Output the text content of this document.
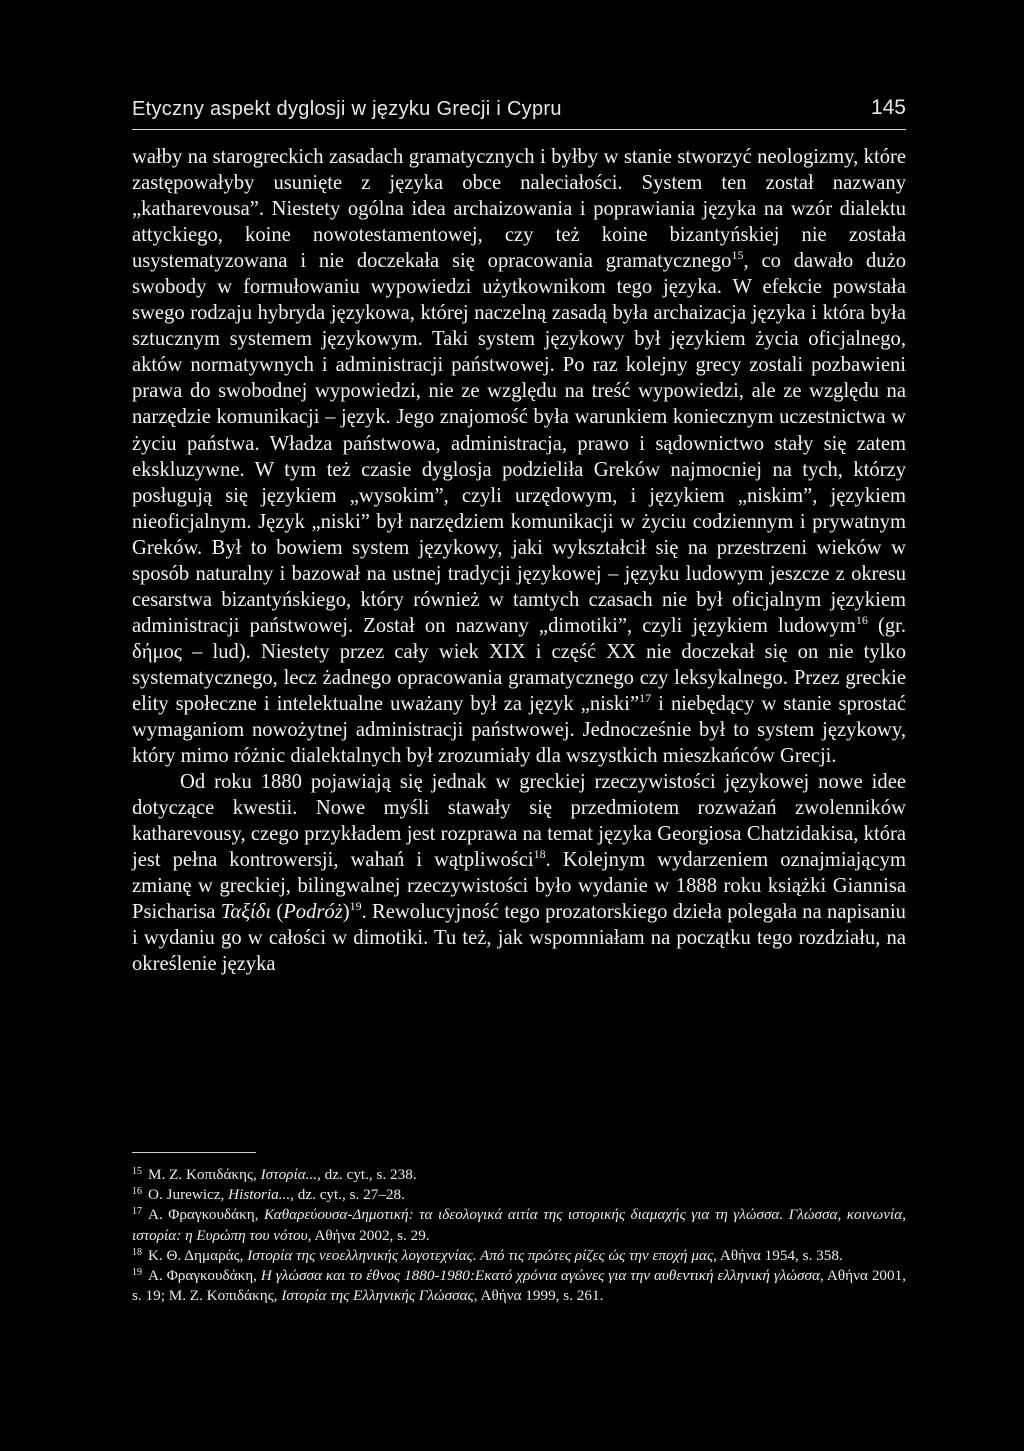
Etyczny aspekt dyglosji w języku Grecji i Cypru	145

wałby na starogreckich zasadach gramatycznych i byłby w stanie stworzyć neologizmy, które zastępowałyby usunięte z języka obce naleciałości. System ten został nazwany „katharevousa”. Niestety ogólna idea archaizowania i poprawiania języka na wzór dialektu attyckiego, koine nowotestamentowej, czy też koine bizantyńskiej nie została usystematyzowana i nie doczekała się opracowania gramatycznego$^{15}$, co dawało dużo swobody w formułowaniu wypowiedzi użytkownikom tego języka. W efekcie powstała swego rodzaju hybryda językowa, której naczelną zasadą była archaizacja języka i która była sztucznym systemem językowym. Taki system językowy był językiem życia oficjalnego, aktów normatywnych i administracji państwowej. Po raz kolejny grecy zostali pozbawieni prawa do swobodnej wypowiedzi, nie ze względu na treść wypowiedzi, ale ze względu na narzędzie komunikacji – język. Jego znajomość była warunkiem koniecznym uczestnictwa w życiu państwa. Władza państwowa, administracja, prawo i sądownictwo stały się zatem ekskluzywne. W tym też czasie dyglosja podzieliła Greków najmocniej na tych, którzy posługują się językiem „wysokim”, czyli urzędowym, i językiem „niskim”, językiem nieoficjalnym. Język „niski” był narzędziem komunikacji w życiu codziennym i prywatnym Greków. Był to bowiem system językowy, jaki wykształcił się na przestrzeni wieków w sposób naturalny i bazował na ustnej tradycji językowej – języku ludowym jeszcze z okresu cesarstwa bizantyńskiego, który również w tamtych czasach nie był oficjalnym językiem administracji państwowej. Został on nazwany „dimotiki”, czyli językiem ludowym$^{16}$ (gr. δήμος – lud). Niestety przez cały wiek XIX i część XX nie doczekał się on nie tylko systematycznego, lecz żadnego opracowania gramatycznego czy leksykalnego. Przez greckie elity społeczne i intelektualne uważany był za język „niski”$^{17}$ i niebędący w stanie sprostać wymaganiom nowożytnej administracji państwowej. Jednocześnie był to system językowy, który mimo różnic dialektalnych był zrozumiały dla wszystkich mieszkańców Grecji.

Od roku 1880 pojawiają się jednak w greckiej rzeczywistości językowej nowe idee dotyczące kwestii. Nowe myśli stawały się przedmiotem rozważań zwolenników katharevousy, czego przykładem jest rozprawa na temat języka Georgiosa Chatzidakisa, która jest pełna kontrowersji, wahań i wątpliwości$^{18}$. Kolejnym wydarzeniem oznajmiającym zmianę w greckiej, bilingwalnej rzeczywistości było wydanie w 1888 roku książki Giannisa Psicharisa Ταξίδι (Podróż)$^{19}$. Rewolucyjność tego prozatorskiego dzieła polegała na napisaniu i wydaniu go w całości w dimotiki. Tu też, jak wspomniałam na początku tego rozdziału, na określenie języka

$^{15}$ M. Z. Κοπιδάκης, Ιστορία..., dz. cyt., s. 238.
$^{16}$ O. Jurewicz, Historia..., dz. cyt., s. 27–28.
$^{17}$ A. Φραγκουδάκη, Καθαρεύουσα-Δημοτική: τα ιδεολογικά αιτία της ιστορικής διαμαχής για τη γλώσσα. Γλώσσα, κοινωνία, ιστορία: η Ευρώπη του νότου, Αθήνα 2002, s. 29.
$^{18}$ K. Θ. Δημαράς, Ιστορία της νεοελληνικής λογοτεχνίας. Από τις πρώτες ρίζες ώς την εποχή μας, Αθήνα 1954, s. 358.
$^{19}$ A. Φραγκουδάκη, Η γλώσσα και το έθνος 1880-1980:Εκατό χρόνια αγώνες για την αυθεντική ελληνική γλώσσα, Αθήνα 2001, s. 19; M. Z. Κοπιδάκης, Ιστορία της Ελληνικής Γλώσσας, Αθήνα 1999, s. 261.
